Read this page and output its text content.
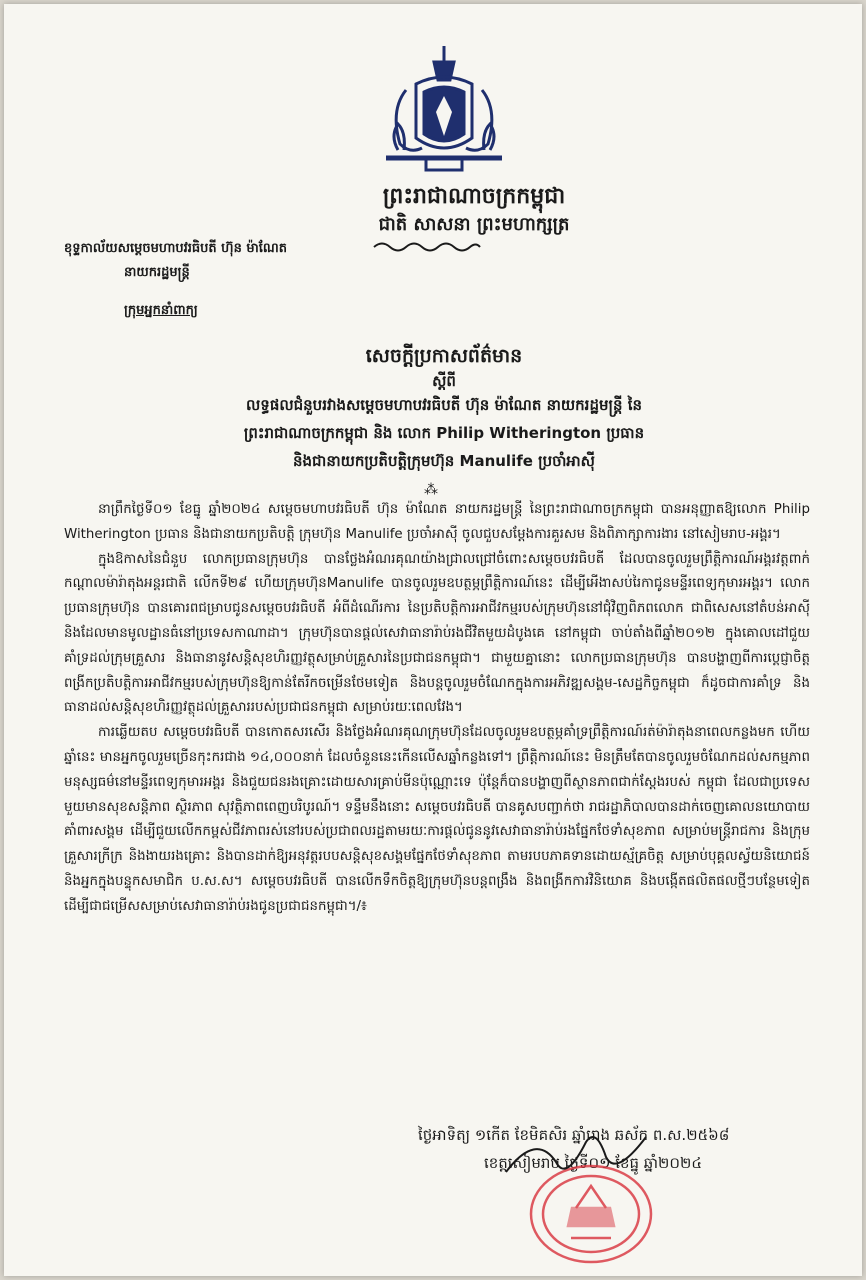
ព្រះរាជាណាចក្រកម្ពុជា
ជាតិ សាសនា ព្រះមហាក្សត្រ
ខុទ្ទកាល័យសម្តេចមហាបវរធិបតី ហ៊ុន ម៉ាណែត
នាយករដ្ឋមន្ត្រី
ក្រុមអ្នកនាំពាក្យ
សេចក្តីប្រកាសព័ត៌មាន
ស្តីពី
លទ្ធផលជំនួបរវាងសម្តេចមហាបវរធិបតី ហ៊ុន ម៉ាណែត នាយករដ្ឋមន្ត្រី នៃ
ព្រះរាជាណាចក្រកម្ពុជា និង លោក Philip Witherington ប្រធាន
និងជានាយកប្រតិបត្តិក្រុមហ៊ុន Manulife ប្រចាំអាស៊ី
⁂

នាព្រឹកថ្ងៃទី០១ ខែធ្នូ ឆ្នាំ២០២៤ សម្តេចមហាបវរធិបតី ហ៊ុន ម៉ាណែត នាយករដ្ឋមន្ត្រី នៃព្រះរាជាណាចក្រកម្ពុជា បានអនុញ្ញាតឱ្យលោក Philip Witherington ប្រធាន និងជានាយកប្រតិបត្តិ ក្រុមហ៊ុន Manulife ប្រចាំអាស៊ី ចូលជួបសម្តែងការគួរសម និងពិភាក្សាការងារ នៅសៀមរាប-អង្គរ។

ក្នុងឱកាសនៃជំនួប លោកប្រធានក្រុមហ៊ុន បានថ្លែងអំណរគុណយ៉ាងជ្រាលជ្រៅចំពោះសម្តេចបវរធិបតី ដែលបានចូលរួមព្រឹត្តិការណ៍អង្គរវត្តពាក់កណ្តាលម៉ារ៉ាតុងអន្តរជាតិ លើកទី២៩ ហើយក្រុមហ៊ុនManulife បានចូលរួមឧបត្ថម្ភព្រឹត្តិការណ៍នេះ ដើម្បីអើងាសប់រៃកាជូនមន្ទីរពេទ្យកុមារអង្គរ។ លោកប្រធានក្រុមហ៊ុន បានគោរពជម្រាបជូនសម្តេចបវរធិបតី អំពីដំណើរការ នៃប្រតិបត្តិការអាជីវកម្មរបស់ក្រុមហ៊ុននៅជុំវិញពិភពលោក ជាពិសេសនៅតំបន់អាស៊ី និងដែលមានមូលដ្ឋានធំនៅប្រទេសកាណាដា។ ក្រុមហ៊ុនបានផ្តល់សេវាធានារ៉ាប់រងជីវិតមួយដំបូងគេ នៅកម្ពុជា ចាប់តាំងពីឆ្នាំ២០១២ ក្នុងគោលដៅជួយគាំទ្រដល់ក្រុមគ្រួសារ និងធានានូវសន្តិសុខហិរញ្ញវត្ថុសម្រាប់គ្រួសារនៃប្រជាជនកម្ពុជា។ ជាមួយគ្នានោះ លោកប្រធានក្រុមហ៊ុន បានបង្ហាញពីការប្តេជ្ញាចិត្តពង្រីកប្រតិបត្តិការអាជីវកម្មរបស់ក្រុមហ៊ុនឱ្យកាន់តែរីកចម្រើនថែមទៀត និងបន្តចូលរួមចំណែកក្នុងការអភិវឌ្ឍសង្គម-សេដ្ឋកិច្ចកម្ពុជា ក៏ដូចជាការគាំទ្រ និងធានាដល់សន្តិសុខហិរញ្ញវត្ថុដល់គ្រួសាររបស់ប្រជាជនកម្ពុជា សម្រាប់រយៈពេលវែង។

ការឆ្លើយតប សម្តេចបវរធិបតី បានកោតសរសើរ និងថ្លែងអំណរគុណក្រុមហ៊ុនដែលចូលរួមឧបត្ថម្ភគាំទ្រព្រឹត្តិការណ៍រត់ម៉ារ៉ាតុងនាពេលកន្លងមក ហើយឆ្នាំនេះ មានអ្នកចូលរួមច្រើនកុះករជាង ១៤,០០០នាក់ ដែលចំនួននេះកើនលើសឆ្នាំកន្លងទៅ។ ព្រឹត្តិការណ៍នេះ មិនត្រឹមតែបានចូលរួមចំណែកដល់សកម្មភាពមនុស្សធម៌នៅមន្ទីរពេទ្យកុមារអង្គរ និងជួយជនរងគ្រោះដោយសារគ្រាប់មីនប៉ុណ្ណោះទេ ប៉ុន្តែក៏បានបង្ហាញពីស្ថានភាពជាក់ស្តែងរបស់ កម្ពុជា ដែលជាប្រទេសមួយមានសុខសន្តិភាព ស្ថិរភាព សុវត្ថិភាពពេញបរិបូរណ៍។ ទន្ទឹមនឹងនោះ សម្តេចបវរធិបតី បានគូសបញ្ជាក់ថា រាជរដ្ឋាភិបាលបានដាក់ចេញគោលនយោបាយគាំពារសង្គម ដើម្បីជួយលើកកម្ពស់ជីវភាពរស់នៅរបស់ប្រជាពលរដ្ឋតាមរយៈការផ្តល់ជូននូវសេវាធានារ៉ាប់រងផ្នែកថែទាំសុខភាព សម្រាប់មន្ត្រីរាជការ និងក្រុមគ្រួសារក្រីក្រ និងងាយរងគ្រោះ និងបានដាក់ឱ្យអនុវត្តរបបសន្តិសុខសង្គមផ្នែកថែទាំសុខភាព តាមរបបភាគទានដោយស្ម័គ្រចិត្ត សម្រាប់បុគ្គលស្វ័យនិយោជន៍ និងអ្នកក្នុងបន្ទុកសមាជិក ប.ស.ស។ សម្តេចបវរធិបតី បានលើកទឹកចិត្តឱ្យក្រុមហ៊ុនបន្តពង្រឹង និងពង្រីកការវិនិយោគ និងបង្កើតផលិតផលថ្មីៗបន្ថែមទៀត ដើម្បីជាជម្រើសសម្រាប់សេវាធានារ៉ាប់រងជូនប្រជាជនកម្ពុជា។/៖

ថ្ងៃអាទិត្យ ១កើត ខែមិគសិរ ឆ្នាំរោង ឆស័ក ព.ស.២៥៦៨
ខេត្តសៀមរាប ថ្ងៃទី០១ ខែធ្នូ ឆ្នាំ២០២៤
